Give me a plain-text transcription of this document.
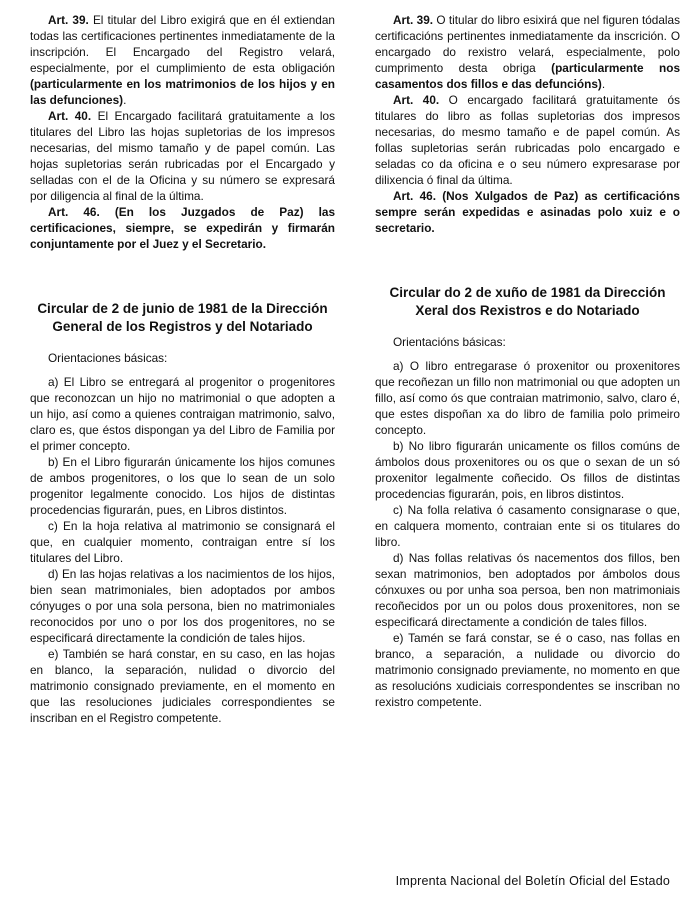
Art. 39. El titular del Libro exigirá que en él extiendan todas las certificaciones pertinentes inmediatamente de la inscripción. El Encargado del Registro velará, especialmente, por el cumplimiento de esta obligación (particularmente en los matrimonios de los hijos y en las defunciones).

Art. 40. El Encargado facilitará gratuitamente a los titulares del Libro las hojas supletorias de los impresos necesarias, del mismo tamaño y de papel común. Las hojas supletorias serán rubricadas por el Encargado y selladas con el de la Oficina y su número se expresará por diligencia al final de la última.

Art. 46. (En los Juzgados de Paz) las certificaciones, siempre, se expedirán y firmarán conjuntamente por el Juez y el Secretario.

Circular de 2 de junio de 1981 de la Dirección General de los Registros y del Notariado

Orientaciones básicas:

a) El Libro se entregará al progenitor o progenitores que reconozcan un hijo no matrimonial o que adopten a un hijo, así como a quienes contraigan matrimonio, salvo, claro es, que éstos dispongan ya del Libro de Familia por el primer concepto.

b) En el Libro figurarán únicamente los hijos comunes de ambos progenitores, o los que lo sean de un solo progenitor legalmente conocido. Los hijos de distintas procedencias figurarán, pues, en Libros distintos.

c) En la hoja relativa al matrimonio se consignará el que, en cualquier momento, contraigan entre sí los titulares del Libro.

d) En las hojas relativas a los nacimientos de los hijos, bien sean matrimoniales, bien adoptados por ambos cónyuges o por una sola persona, bien no matrimoniales reconocidos por uno o por los dos progenitores, no se especificará directamente la condición de tales hijos.

e) También se hará constar, en su caso, en las hojas en blanco, la separación, nulidad o divorcio del matrimonio consignado previamente, en el momento en que las resoluciones judiciales correspondientes se inscriban en el Registro competente.

Art. 39. O titular do libro esixirá que nel figuren tódalas certificacións pertinentes inmediatamente da inscrición. O encargado do rexistro velará, especialmente, polo cumprimento desta obriga (particularmente nos casamentos dos fillos e das defuncións).

Art. 40. O encargado facilitará gratuitamente ós titulares do libro as follas supletorias dos impresos necesarias, do mesmo tamaño e de papel común. As follas supletorias serán rubricadas polo encargado e seladas co da oficina e o seu número expresarase por dilixencia ó final da última.

Art. 46. (Nos Xulgados de Paz) as certificacións sempre serán expedidas e asinadas polo xuiz e o secretario.

Circular do 2 de xuño de 1981 da Dirección Xeral dos Rexistros e do Notariado

Orientacións básicas:

a) O libro entregarase ó proxenitor ou proxenitores que recoñezan un fillo non matrimonial ou que adopten un fillo, así como ós que contraian matrimonio, salvo, claro é, que estes dispoñan xa do libro de familia polo primeiro concepto.

b) No libro figurarán unicamente os fillos comúns de ámbolos dous proxenitores ou os que o sexan de un só proxenitor legalmente coñecido. Os fillos de distintas procedencias figurarán, pois, en libros distintos.

c) Na folla relativa ó casamento consignarase o que, en calquera momento, contraian ente si os titulares do libro.

d) Nas follas relativas ós nacementos dos fillos, ben sexan matrimonios, ben adoptados por ámbolos dous cónxuxes ou por unha soa persoa, ben non matrimoniais recoñecidos por un ou polos dous proxenitores, non se especificará directamente a condición de tales fillos.

e) Tamén se fará constar, se é o caso, nas follas en branco, a separación, a nulidade ou divorcio do matrimonio consignado previamente, no momento en que as resolucións xudiciais correspondentes se inscriban no rexistro competente.

Imprenta Nacional del Boletín Oficial del Estado
